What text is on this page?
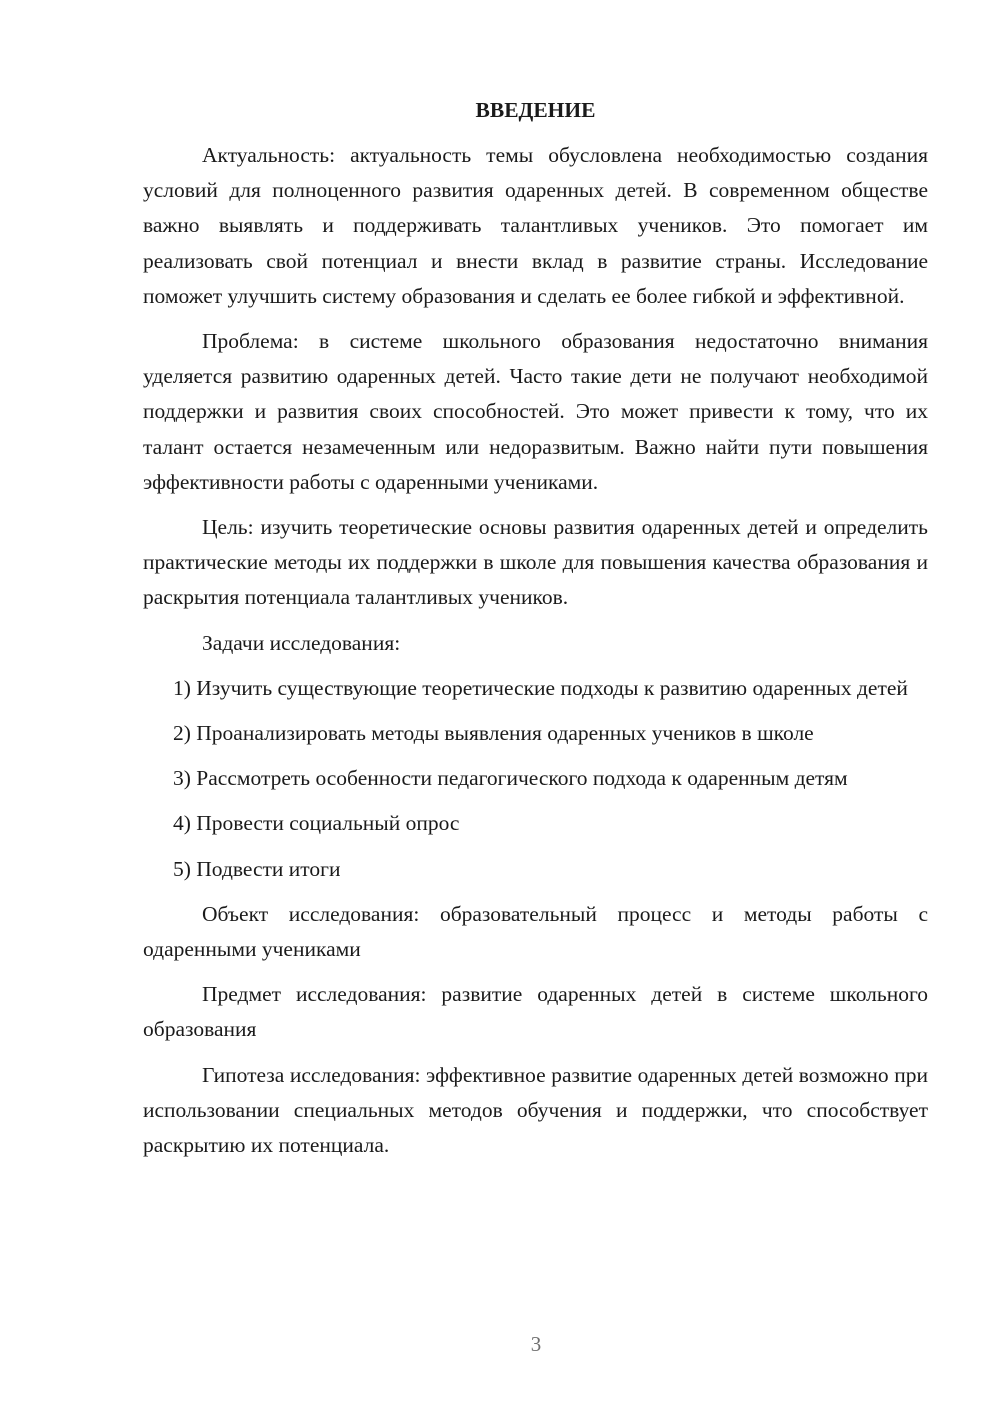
ВВЕДЕНИЕ

Актуальность: актуальность темы обусловлена необходимостью создания условий для полноценного развития одаренных детей. В современном обществе важно выявлять и поддерживать талантливых учеников. Это помогает им реализовать свой потенциал и внести вклад в развитие страны. Исследование поможет улучшить систему образования и сделать ее более гибкой и эффективной.

Проблема: в системе школьного образования недостаточно внимания уделяется развитию одаренных детей. Часто такие дети не получают необходимой поддержки и развития своих способностей. Это может привести к тому, что их талант остается незамеченным или недоразвитым. Важно найти пути повышения эффективности работы с одаренными учениками.

Цель: изучить теоретические основы развития одаренных детей и определить практические методы их поддержки в школе для повышения качества образования и раскрытия потенциала талантливых учеников.

Задачи исследования:

1) Изучить существующие теоретические подходы к развитию одаренных детей

2) Проанализировать методы выявления одаренных учеников в школе

3) Рассмотреть особенности педагогического подхода к одаренным детям

4) Провести социальный опрос

5) Подвести итоги

Объект исследования: образовательный процесс и методы работы с одаренными учениками

Предмет исследования: развитие одаренных детей в системе школьного образования

Гипотеза исследования: эффективное развитие одаренных детей возможно при использовании специальных методов обучения и поддержки, что способствует раскрытию их потенциала.

3
